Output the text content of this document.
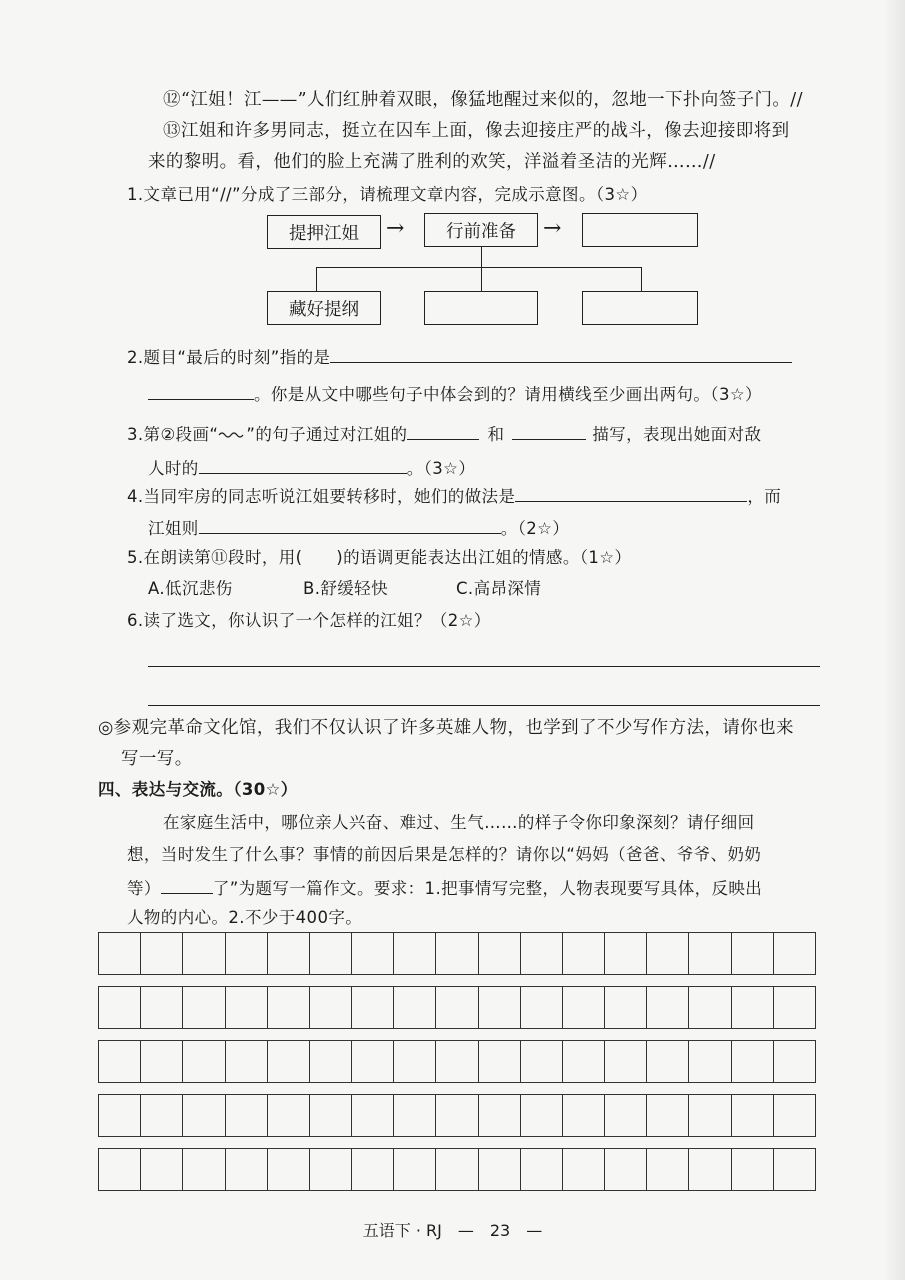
⑫“江姐！江——”人们红肿着双眼，像猛地醒过来似的，忽地一下扑向签子门。//
⑬江姐和许多男同志，挺立在囚车上面，像去迎接庄严的战斗，像去迎接即将到
来的黎明。看，他们的脸上充满了胜利的欢笑，洋溢着圣洁的光辉……//
1.文章已用“//”分成了三部分，请梳理文章内容，完成示意图。（3☆）
提押江姐	→	行前准备	→
藏好提纲
2.题目“最后的时刻”指的是
。你是从文中哪些句子中体会到的？请用横线至少画出两句。（3☆）
3.第②段画“ ”的句子通过对江姐的	和	描写，表现出她面对敌
人时的	。（3☆）
4.当同牢房的同志听说江姐要转移时，她们的做法是	，而
江姐则	。（2☆）
5.在朗读第⑪段时，用(　　)的语调更能表达出江姐的情感。（1☆）
A.低沉悲伤	B.舒缓轻快	C.高昂深情
6.读了选文，你认识了一个怎样的江姐？（2☆）
◎参观完革命文化馆，我们不仅认识了许多英雄人物，也学到了不少写作方法，请你也来
写一写。
四、表达与交流。（30☆）
在家庭生活中，哪位亲人兴奋、难过、生气……的样子令你印象深刻？请仔细回
想，当时发生了什么事？事情的前因后果是怎样的？请你以“妈妈（爸爸、爷爷、奶奶
等）	了”为题写一篇作文。要求：1.把事情写完整，人物表现要写具体，反映出
人物的内心。2.不少于400字。
五语下 · RJ　—　23　—
